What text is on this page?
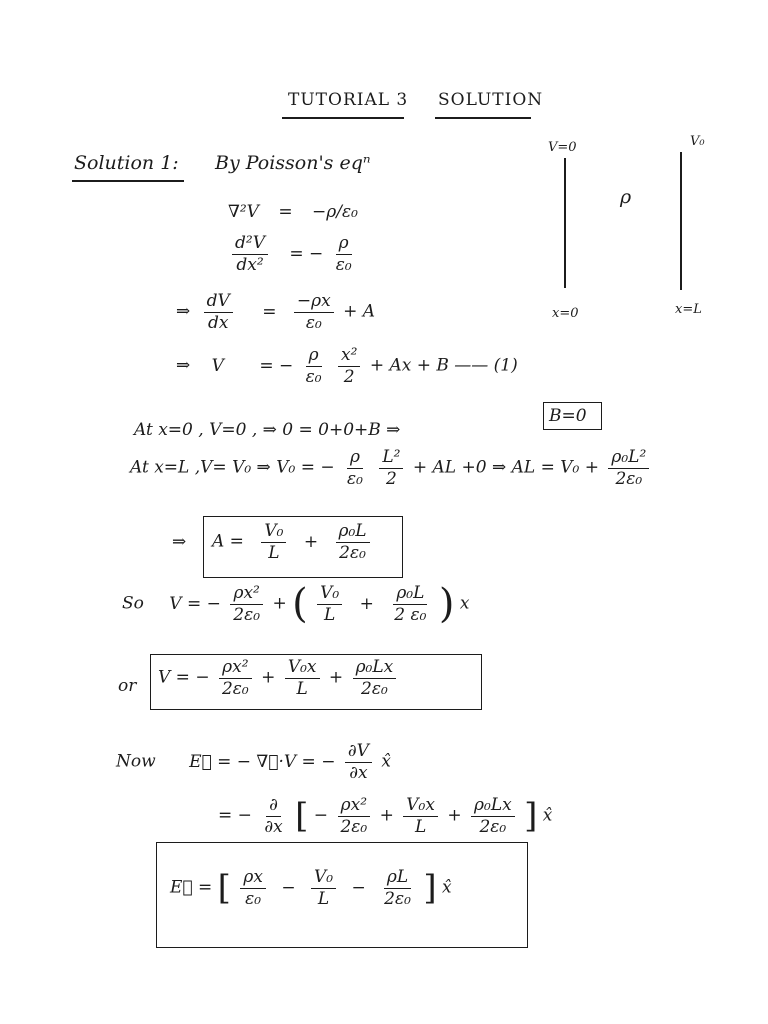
TUTORIAL 3 SOLUTION
Solution 1: By Poisson's eqⁿ
V=0	V₀
ρ
x=0	x=L
∇²V = −ρ/ε₀
$\frac{\text{d²V}}{\text{dx²}}$ = − $\frac{\rho}{\text{ε₀}}$
⇒ $\frac{dV}{dx} = \frac{-\rho x}{\text{ε₀}} + A$
⇒ V = − $\frac{\rho}{\text{ε₀}}$
$\frac{\text{x²}}{2} + Ax + B$ —— (1)
At x=0 , V=0 , ⇒ 0 = 0+0+B ⇒
B=0
At x=L ,V= V₀ ⇒ V₀ = − $\frac{\rho}{\text{ε₀}}$
$\frac{\text{L²}}{2}$ + AL +0 ⇒ AL = $V_0 + \frac{\text{ρ₀L²}}{\text{2ε₀}}$
⇒ $A = \frac{\text{V₀}}{L} + \frac{\text{ρ₀L}}{\text{2ε₀}}$
So V = − $\frac{\text{ρx²}}{\text{2ε₀}}$ + ( $\frac{\text{V₀}}{L} + \frac{\text{ρ₀L}}{\text{2 ε₀}}$ ) x
or V = − $\frac{\text{ρx²}}{\text{2ε₀}} + \frac{\text{V₀x}}{L} + \frac{\text{ρ₀Lx}}{\text{2ε₀}}$
Now E⃗ = − ∇⃗·V = − $\frac{\partial V}{\partial x}$ x̂
= − $\frac{\partial}{\partial x}$ [ − $\frac{\text{ρx²}}{\text{2ε₀}} + \frac{\text{V₀x}}{L} + \frac{\text{ρ₀Lx}}{\text{2ε₀}}$ ] x̂
E⃗ = [ $\frac{\rho x}{\text{ε₀}} - \frac{\text{V₀}}{L} - \frac{\rho L}{\text{2ε₀}}$ ] x̂
